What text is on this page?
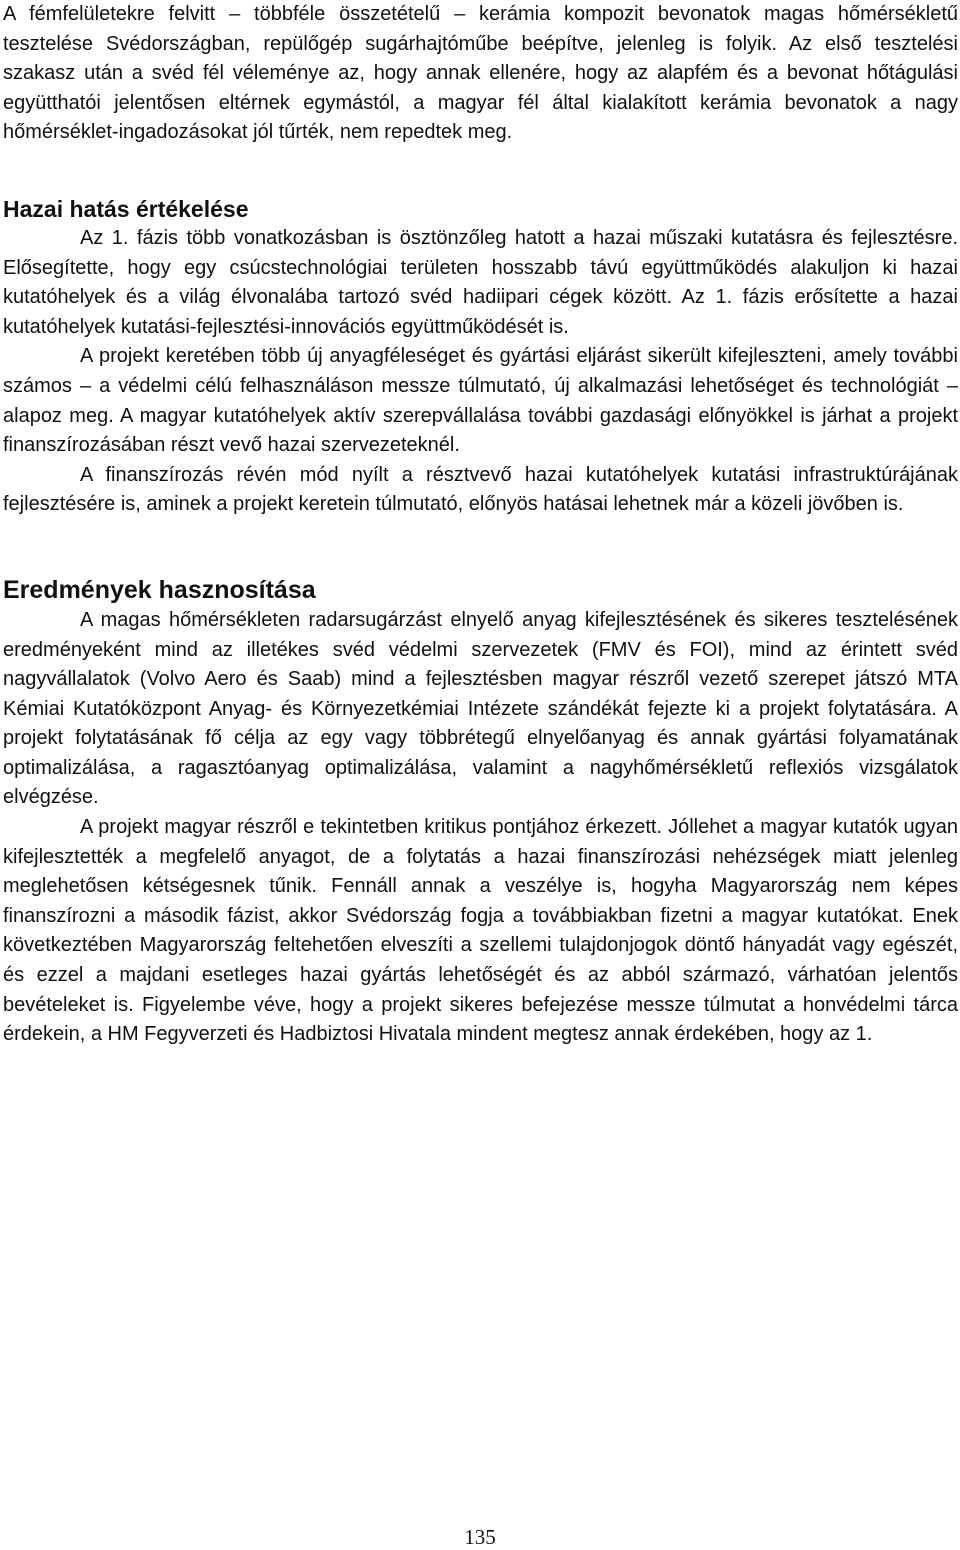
A fémfelületekre felvitt – többféle összetételű – kerámia kompozit bevonatok magas hőmérsékletű tesztelése Svédországban, repülőgép sugárhajtóműbe beépítve, jelenleg is folyik. Az első tesztelési szakasz után a svéd fél véleménye az, hogy annak ellenére, hogy az alapfém és a bevonat hőtágulási együtthatói jelentősen eltérnek egymástól, a magyar fél által kialakított kerámia bevonatok a nagy hőmérséklet-ingadozásokat jól tűrték, nem repedtek meg.

Hazai hatás értékelése

Az 1. fázis több vonatkozásban is ösztönzőleg hatott a hazai műszaki kutatásra és fejlesztésre. Elősegítette, hogy egy csúcstechnológiai területen hosszabb távú együttműködés alakuljon ki hazai kutatóhelyek és a világ élvonalába tartozó svéd hadiipari cégek között. Az 1. fázis erősítette a hazai kutatóhelyek kutatási-fejlesztési-innovációs együttműködését is.

A projekt keretében több új anyagféleséget és gyártási eljárást sikerült kifejleszteni, amely további számos – a védelmi célú felhasználáson messze túlmutató, új alkalmazási lehetőséget és technológiát – alapoz meg. A magyar kutatóhelyek aktív szerepvállalása további gazdasági előnyökkel is járhat a projekt finanszírozásában részt vevő hazai szervezeteknél.

A finanszírozás révén mód nyílt a résztvevő hazai kutatóhelyek kutatási infrastruktúrájának fejlesztésére is, aminek a projekt keretein túlmutató, előnyös hatásai lehetnek már a közeli jövőben is.

Eredmények hasznosítása

A magas hőmérsékleten radarsugárzást elnyelő anyag kifejlesztésének és sikeres tesztelésének eredményeként mind az illetékes svéd védelmi szervezetek (FMV és FOI), mind az érintett svéd nagyvállalatok (Volvo Aero és Saab) mind a fejlesztésben magyar részről vezető szerepet játszó MTA Kémiai Kutatóközpont Anyag- és Környezetkémiai Intézete szándékát fejezte ki a projekt folytatására. A projekt folytatásának fő célja az egy vagy többrétegű elnyelőanyag és annak gyártási folyamatának optimalizálása, a ragasztóanyag optimalizálása, valamint a nagyhőmérsékletű reflexiós vizsgálatok elvégzése.

A projekt magyar részről e tekintetben kritikus pontjához érkezett. Jóllehet a magyar kutatók ugyan kifejlesztették a megfelelő anyagot, de a folytatás a hazai finanszírozási nehézségek miatt jelenleg meglehetősen kétségesnek tűnik. Fennáll annak a veszélye is, hogyha Magyarország nem képes finanszírozni a második fázist, akkor Svédország fogja a továbbiakban fizetni a magyar kutatókat. Enek következtében Magyarország feltehetően elveszíti a szellemi tulajdonjogok döntő hányadát vagy egészét, és ezzel a majdani esetleges hazai gyártás lehetőségét és az abból származó, várhatóan jelentős bevételeket is. Figyelembe véve, hogy a projekt sikeres befejezése messze túlmutat a honvédelmi tárca érdekein, a HM Fegyverzeti és Hadbiztosi Hivatala mindent megtesz annak érdekében, hogy az 1.

135
